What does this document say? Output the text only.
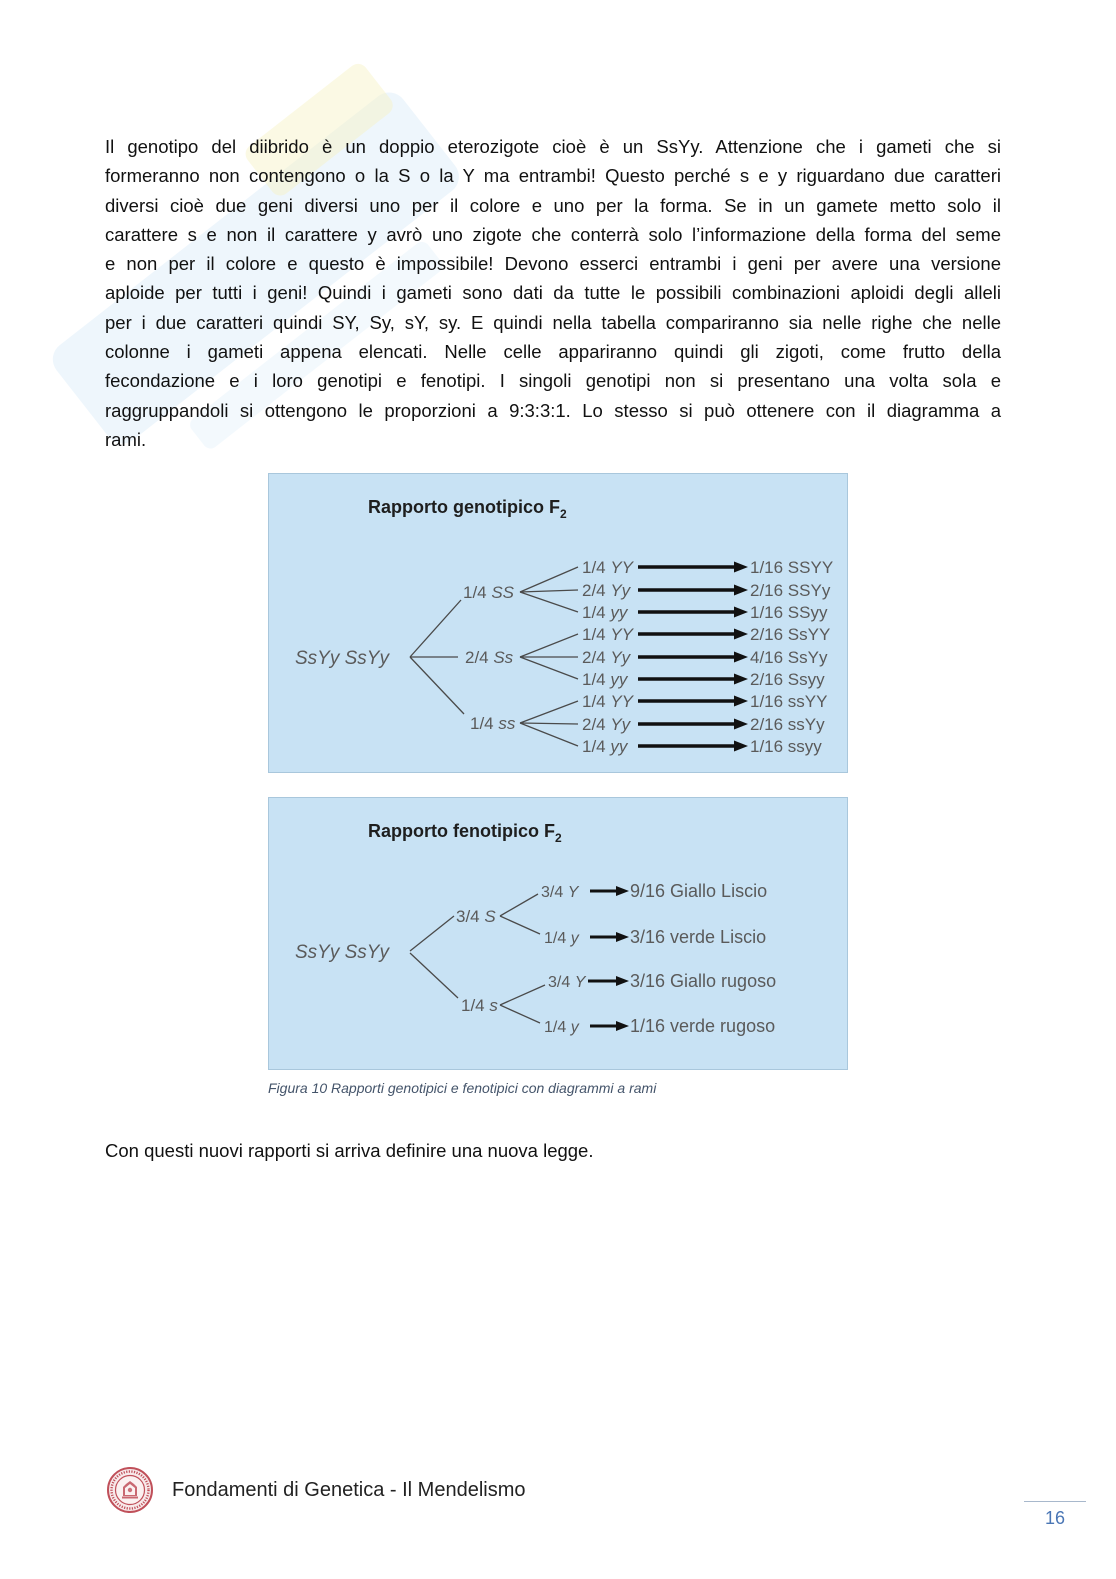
Il genotipo del diibrido è un doppio eterozigote cioè è un SsYy. Attenzione che i gameti che si
formeranno non contengono o la S o la Y ma entrambi! Questo perché s e y riguardano due caratteri
diversi cioè due geni diversi uno per il colore e uno per la forma. Se in un gamete metto solo il
carattere s e non il carattere y avrò uno zigote che conterrà solo l’informazione della forma del seme
e non per il colore e questo è impossibile! Devono esserci entrambi i geni per avere una versione
aploide per tutti i geni! Quindi i gameti sono dati da tutte le possibili combinazioni aploidi degli alleli
per i due caratteri quindi SY, Sy, sY, sy. E quindi nella tabella compariranno sia nelle righe che nelle
colonne i gameti appena elencati. Nelle celle appariranno quindi gli zigoti, come frutto della
fecondazione e i loro genotipi e fenotipi. I singoli genotipi non si presentano una volta sola e
raggruppandoli si ottengono le proporzioni a 9:3:3:1. Lo stesso si può ottenere con il diagramma a
rami.
Rapporto genotipico $F_2$
SsYy SsYy
1/4 SS
2/4 Ss
1/4 ss
1/4 YY
2/4 Yy
1/4 yy
1/4 YY
2/4 Yy
1/4 yy
1/4 YY
2/4 Yy
1/4 yy
1/16 SSYY
2/16 SSYy
1/16 SSyy
2/16 SsYY
4/16 SsYy
2/16 Ssyy
1/16 ssYY
2/16 ssYy
1/16 ssyy
Rapporto fenotipico $F_2$
SsYy SsYy
3/4 S
1/4 s
3/4 Y
1/4 y
3/4 Y
1/4 y
9/16 Giallo Liscio
3/16 verde Liscio
3/16 Giallo rugoso
1/16 verde rugoso
Figura 10 Rapporti genotipici e fenotipici con diagrammi a rami
Con questi nuovi rapporti si arriva definire una nuova legge.
Fondamenti di Genetica - Il Mendelismo
16
